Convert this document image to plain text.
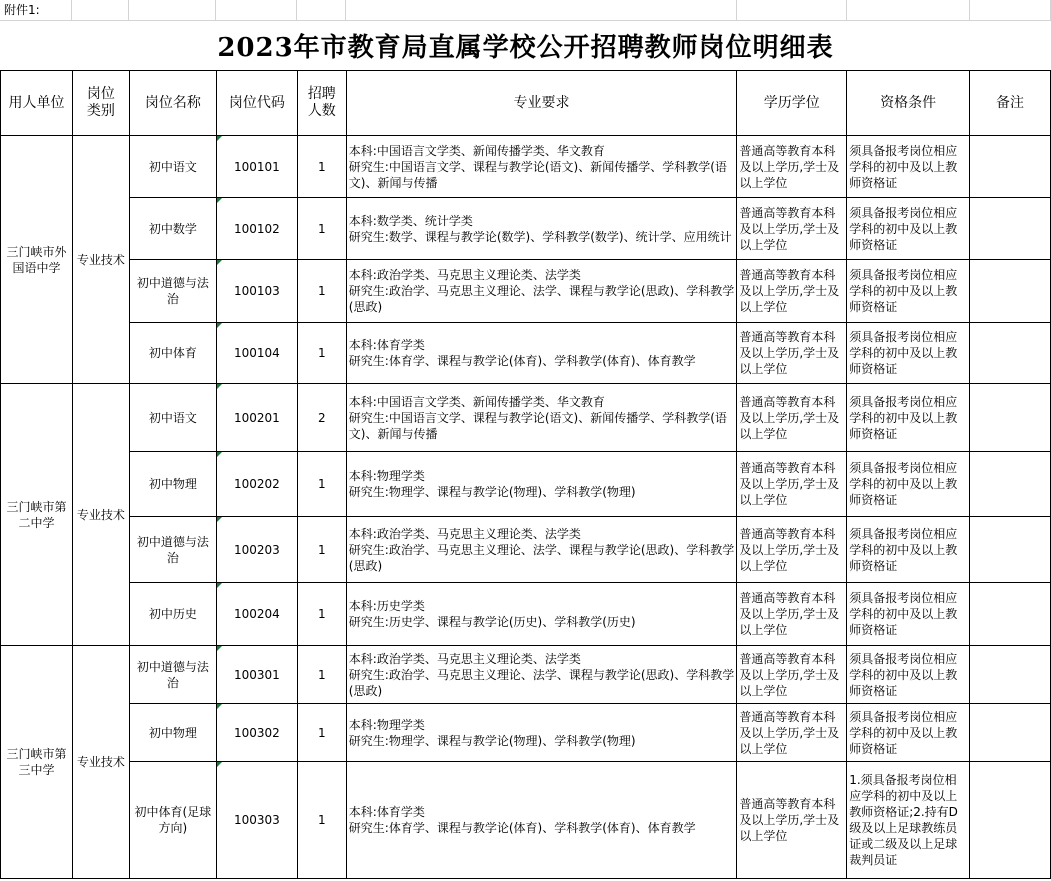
附件1:
2023年市教育局直属学校公开招聘教师岗位明细表
用人单位	岗位类别	岗位名称	岗位代码	招聘人数	专业要求	学历学位	资格条件	备注
三门峡市外国语中学	专业技术	初中语文	100101	1	本科:中国语言文学类、新闻传播学类、华文教育
研究生:中国语言文学、课程与教学论(语文)、新闻传播学、学科教学(语文)、新闻与传播	普通高等教育本科及以上学历,学士及以上学位	须具备报考岗位相应学科的初中及以上教师资格证	
		初中数学	100102	1	本科:数学类、统计学类
研究生:数学、课程与教学论(数学)、学科教学(数学)、统计学、应用统计	普通高等教育本科及以上学历,学士及以上学位	须具备报考岗位相应学科的初中及以上教师资格证	
		初中道德与法治	100103	1	本科:政治学类、马克思主义理论类、法学类
研究生:政治学、马克思主义理论、法学、课程与教学论(思政)、学科教学(思政)	普通高等教育本科及以上学历,学士及以上学位	须具备报考岗位相应学科的初中及以上教师资格证	
		初中体育	100104	1	本科:体育学类
研究生:体育学、课程与教学论(体育)、学科教学(体育)、体育教学	普通高等教育本科及以上学历,学士及以上学位	须具备报考岗位相应学科的初中及以上教师资格证	
三门峡市第二中学	专业技术	初中语文	100201	2	本科:中国语言文学类、新闻传播学类、华文教育
研究生:中国语言文学、课程与教学论(语文)、新闻传播学、学科教学(语文)、新闻与传播	普通高等教育本科及以上学历,学士及以上学位	须具备报考岗位相应学科的初中及以上教师资格证	
		初中物理	100202	1	本科:物理学类
研究生:物理学、课程与教学论(物理)、学科教学(物理)	普通高等教育本科及以上学历,学士及以上学位	须具备报考岗位相应学科的初中及以上教师资格证	
		初中道德与法治	100203	1	本科:政治学类、马克思主义理论类、法学类
研究生:政治学、马克思主义理论、法学、课程与教学论(思政)、学科教学(思政)	普通高等教育本科及以上学历,学士及以上学位	须具备报考岗位相应学科的初中及以上教师资格证	
		初中历史	100204	1	本科:历史学类
研究生:历史学、课程与教学论(历史)、学科教学(历史)	普通高等教育本科及以上学历,学士及以上学位	须具备报考岗位相应学科的初中及以上教师资格证	
三门峡市第三中学	专业技术	初中道德与法治	100301	1	本科:政治学类、马克思主义理论类、法学类
研究生:政治学、马克思主义理论、法学、课程与教学论(思政)、学科教学(思政)	普通高等教育本科及以上学历,学士及以上学位	须具备报考岗位相应学科的初中及以上教师资格证	
		初中物理	100302	1	本科:物理学类
研究生:物理学、课程与教学论(物理)、学科教学(物理)	普通高等教育本科及以上学历,学士及以上学位	须具备报考岗位相应学科的初中及以上教师资格证	
		初中体育(足球方向)	100303	1	本科:体育学类
研究生:体育学、课程与教学论(体育)、学科教学(体育)、体育教学	普通高等教育本科及以上学历,学士及以上学位	1.须具备报考岗位相应学科的初中及以上教师资格证;2.持有D级及以上足球教练员证或二级及以上足球裁判员证	
